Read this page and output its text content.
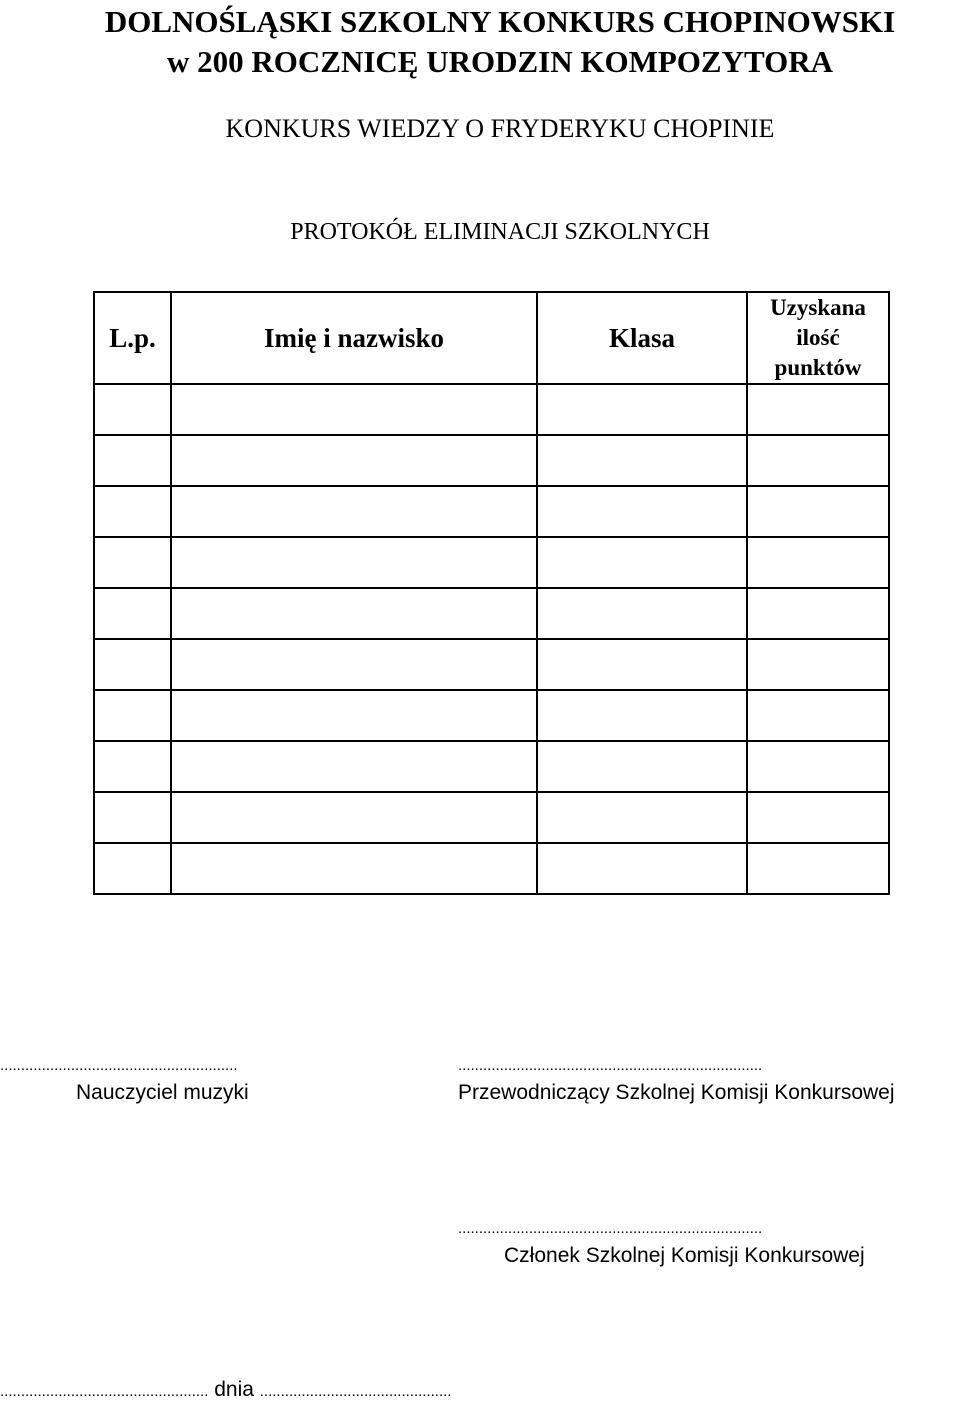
DOLNOŚLĄSKI SZKOLNY KONKURS CHOPINOWSKI
w 200 ROCZNICĘ URODZIN KOMPOZYTORA
KONKURS WIEDZY O FRYDERYKU CHOPINIE
PROTOKÓŁ ELIMINACJI SZKOLNYCH
L.p.	Imię i nazwisko	Klasa	Uzyskana
ilość
punktów

.........................................................
Nauczyciel muzyki
.........................................................................
Przewodniczący Szkolnej Komisji Konkursowej
.........................................................................
Członek Szkolnej Komisji Konkursowej
.................................................. dnia ..............................................
